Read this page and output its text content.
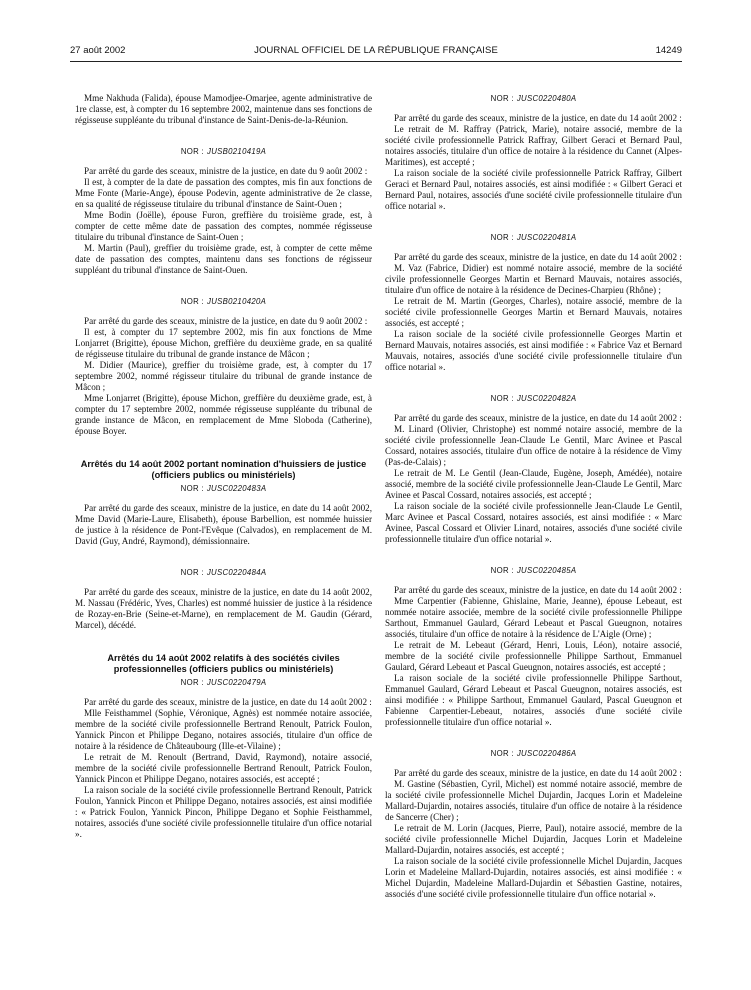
27 août 2002	JOURNAL OFFICIEL DE LA RÉPUBLIQUE FRANÇAISE	14249

Mme Nakhuda (Falida), épouse Mamodjee-Omarjee, agente administrative de 1re classe, est, à compter du 16 septembre 2002, maintenue dans ses fonctions de régisseuse suppléante du tribunal d'instance de Saint-Denis-de-la-Réunion.

NOR : JUSB0210419A

Par arrêté du garde des sceaux, ministre de la justice, en date du 9 août 2002 :

Il est, à compter de la date de passation des comptes, mis fin aux fonctions de Mme Fonte (Marie-Ange), épouse Podevin, agente administrative de 2e classe, en sa qualité de régisseuse titulaire du tribunal d'instance de Saint-Ouen ;

Mme Bodin (Joëlle), épouse Furon, greffière du troisième grade, est, à compter de cette même date de passation des comptes, nommée régisseuse titulaire du tribunal d'instance de Saint-Ouen ;

M. Martin (Paul), greffier du troisième grade, est, à compter de cette même date de passation des comptes, maintenu dans ses fonctions de régisseur suppléant du tribunal d'instance de Saint-Ouen.

NOR : JUSB0210420A

Par arrêté du garde des sceaux, ministre de la justice, en date du 9 août 2002 :

Il est, à compter du 17 septembre 2002, mis fin aux fonctions de Mme Lonjarret (Brigitte), épouse Michon, greffière du deuxième grade, en sa qualité de régisseuse titulaire du tribunal de grande instance de Mâcon ;

M. Didier (Maurice), greffier du troisième grade, est, à compter du 17 septembre 2002, nommé régisseur titulaire du tribunal de grande instance de Mâcon ;

Mme Lonjarret (Brigitte), épouse Michon, greffière du deuxième grade, est, à compter du 17 septembre 2002, nommée régisseuse suppléante du tribunal de grande instance de Mâcon, en remplacement de Mme Sloboda (Catherine), épouse Boyer.

Arrêtés du 14 août 2002 portant nomination d'huissiers de justice (officiers publics ou ministériels)
NOR : JUSC0220483A

Par arrêté du garde des sceaux, ministre de la justice, en date du 14 août 2002, Mme David (Marie-Laure, Elisabeth), épouse Barbellion, est nommée huissier de justice à la résidence de Pont-l'Evêque (Calvados), en remplacement de M. David (Guy, André, Raymond), démissionnaire.

NOR : JUSC0220484A

Par arrêté du garde des sceaux, ministre de la justice, en date du 14 août 2002, M. Nassau (Frédéric, Yves, Charles) est nommé huissier de justice à la résidence de Rozay-en-Brie (Seine-et-Marne), en remplacement de M. Gaudin (Gérard, Marcel), décédé.

Arrêtés du 14 août 2002 relatifs à des sociétés civiles professionnelles (officiers publics ou ministériels)
NOR : JUSC0220479A

Par arrêté du garde des sceaux, ministre de la justice, en date du 14 août 2002 :

Mlle Feisthammel (Sophie, Véronique, Agnès) est nommée notaire associée, membre de la société civile professionnelle Bertrand Renoult, Patrick Foulon, Yannick Pincon et Philippe Degano, notaires associés, titulaire d'un office de notaire à la résidence de Châteaubourg (Ille-et-Vilaine) ;

Le retrait de M. Renoult (Bertrand, David, Raymond), notaire associé, membre de la société civile professionnelle Bertrand Renoult, Patrick Foulon, Yannick Pincon et Philippe Degano, notaires associés, est accepté ;

La raison sociale de la société civile professionnelle Bertrand Renoult, Patrick Foulon, Yannick Pincon et Philippe Degano, notaires associés, est ainsi modifiée : « Patrick Foulon, Yannick Pincon, Philippe Degano et Sophie Feisthammel, notaires, associés d'une société civile professionnelle titulaire d'un office notarial ».

NOR : JUSC0220480A

Par arrêté du garde des sceaux, ministre de la justice, en date du 14 août 2002 :

Le retrait de M. Raffray (Patrick, Marie), notaire associé, membre de la société civile professionnelle Patrick Raffray, Gilbert Geraci et Bernard Paul, notaires associés, titulaire d'un office de notaire à la résidence du Cannet (Alpes-Maritimes), est accepté ;

La raison sociale de la société civile professionnelle Patrick Raffray, Gilbert Geraci et Bernard Paul, notaires associés, est ainsi modifiée : « Gilbert Geraci et Bernard Paul, notaires, associés d'une société civile professionnelle titulaire d'un office notarial ».

NOR : JUSC0220481A

Par arrêté du garde des sceaux, ministre de la justice, en date du 14 août 2002 :

M. Vaz (Fabrice, Didier) est nommé notaire associé, membre de la société civile professionnelle Georges Martin et Bernard Mauvais, notaires associés, titulaire d'un office de notaire à la résidence de Decines-Charpieu (Rhône) ;

Le retrait de M. Martin (Georges, Charles), notaire associé, membre de la société civile professionnelle Georges Martin et Bernard Mauvais, notaires associés, est accepté ;

La raison sociale de la société civile professionnelle Georges Martin et Bernard Mauvais, notaires associés, est ainsi modifiée : « Fabrice Vaz et Bernard Mauvais, notaires, associés d'une société civile professionnelle titulaire d'un office notarial ».

NOR : JUSC0220482A

Par arrêté du garde des sceaux, ministre de la justice, en date du 14 août 2002 :

M. Linard (Olivier, Christophe) est nommé notaire associé, membre de la société civile professionnelle Jean-Claude Le Gentil, Marc Avinee et Pascal Cossard, notaires associés, titulaire d'un office de notaire à la résidence de Vimy (Pas-de-Calais) ;

Le retrait de M. Le Gentil (Jean-Claude, Eugène, Joseph, Amédée), notaire associé, membre de la société civile professionnelle Jean-Claude Le Gentil, Marc Avinee et Pascal Cossard, notaires associés, est accepté ;

La raison sociale de la société civile professionnelle Jean-Claude Le Gentil, Marc Avinee et Pascal Cossard, notaires associés, est ainsi modifiée : « Marc Avinee, Pascal Cossard et Olivier Linard, notaires, associés d'une société civile professionnelle titulaire d'un office notarial ».

NOR : JUSC0220485A

Par arrêté du garde des sceaux, ministre de la justice, en date du 14 août 2002 :

Mme Carpentier (Fabienne, Ghislaine, Marie, Jeanne), épouse Lebeaut, est nommée notaire associée, membre de la société civile professionnelle Philippe Sarthout, Emmanuel Gaulard, Gérard Lebeaut et Pascal Gueugnon, notaires associés, titulaire d'un office de notaire à la résidence de L'Aigle (Orne) ;

Le retrait de M. Lebeaut (Gérard, Henri, Louis, Léon), notaire associé, membre de la société civile professionnelle Philippe Sarthout, Emmanuel Gaulard, Gérard Lebeaut et Pascal Gueugnon, notaires associés, est accepté ;

La raison sociale de la société civile professionnelle Philippe Sarthout, Emmanuel Gaulard, Gérard Lebeaut et Pascal Gueugnon, notaires associés, est ainsi modifiée : « Philippe Sarthout, Emmanuel Gaulard, Pascal Gueugnon et Fabienne Carpentier-Lebeaut, notaires, associés d'une société civile professionnelle titulaire d'un office notarial ».

NOR : JUSC0220486A

Par arrêté du garde des sceaux, ministre de la justice, en date du 14 août 2002 :

M. Gastine (Sébastien, Cyril, Michel) est nommé notaire associé, membre de la société civile professionnelle Michel Dujardin, Jacques Lorin et Madeleine Mallard-Dujardin, notaires associés, titulaire d'un office de notaire à la résidence de Sancerre (Cher) ;

Le retrait de M. Lorin (Jacques, Pierre, Paul), notaire associé, membre de la société civile professionnelle Michel Dujardin, Jacques Lorin et Madeleine Mallard-Dujardin, notaires associés, est accepté ;

La raison sociale de la société civile professionnelle Michel Dujardin, Jacques Lorin et Madeleine Mallard-Dujardin, notaires associés, est ainsi modifiée : « Michel Dujardin, Madeleine Mallard-Dujardin et Sébastien Gastine, notaires, associés d'une société civile professionnelle titulaire d'un office notarial ».
